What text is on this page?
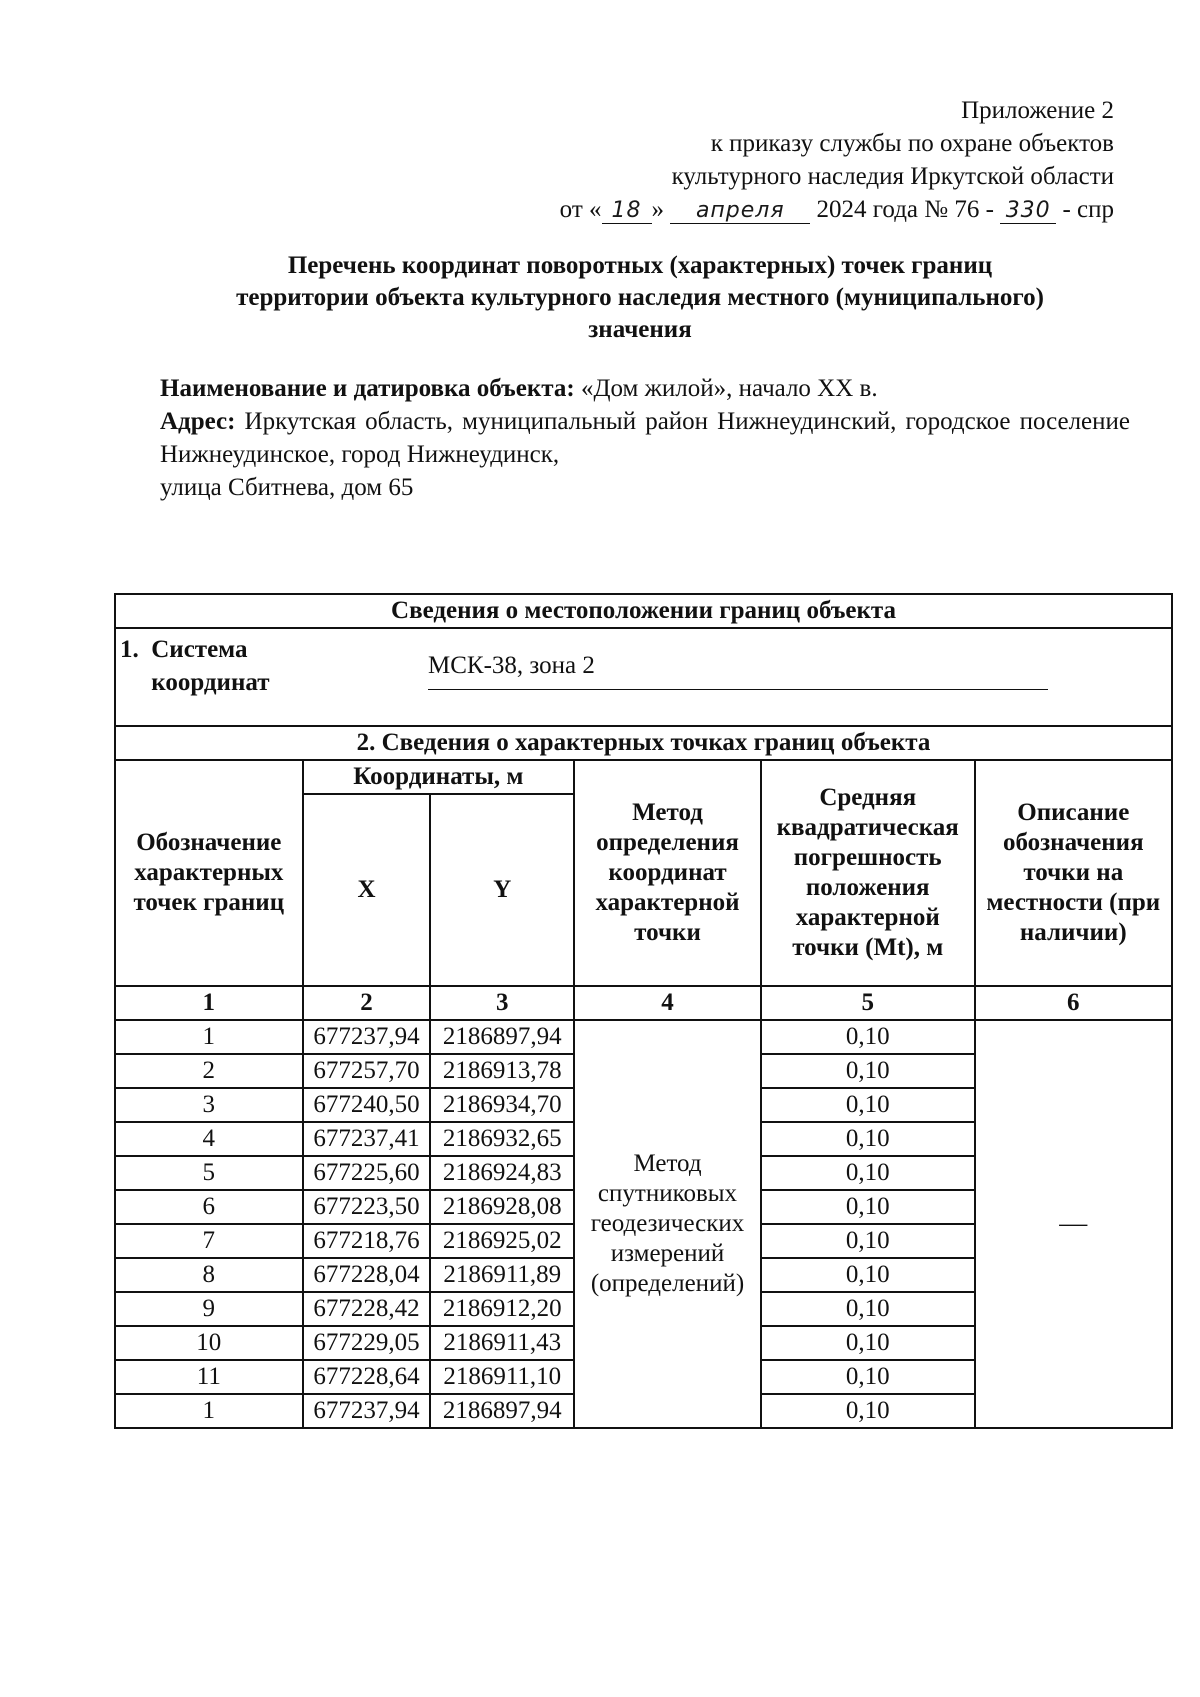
Приложение 2
к приказу службы по охране объектов
культурного наследия Иркутской области
от « 18 » апреля 2024 года № 76 - 330 - спр
Перечень координат поворотных (характерных) точек границ
территории объекта культурного наследия местного (муниципального)
значения
Наименование и датировка объекта: «Дом жилой», начало XX в.
Адрес: Иркутская область, муниципальный район Нижнеудинский, городское поселение Нижнеудинское, город Нижнеудинск,
улица Сбитнева, дом 65
Сведения о местоположении границ объекта					

1.  Система
координат
МСК-38, зона 2					

2. Сведения о характерных точках границ объекта					
Обозначение характерных точек границ	Координаты, м		Метод определения координат характерной точки	Средняя квадратическая погрешность положения характерной точки (Mt), м	Описание обозначения точки на местности (при наличии)
	X	Y			
1	2	3	4	5	6
1	677237,94	2186897,94	Метод спутниковых геодезических измерений (определений)	0,10	—
2	677257,70	2186913,78		0,10	
3	677240,50	2186934,70		0,10	
4	677237,41	2186932,65		0,10	
5	677225,60	2186924,83		0,10	
6	677223,50	2186928,08		0,10	
7	677218,76	2186925,02		0,10	
8	677228,04	2186911,89		0,10	
9	677228,42	2186912,20		0,10	
10	677229,05	2186911,43		0,10	
11	677228,64	2186911,10		0,10	
1	677237,94	2186897,94		0,10	
